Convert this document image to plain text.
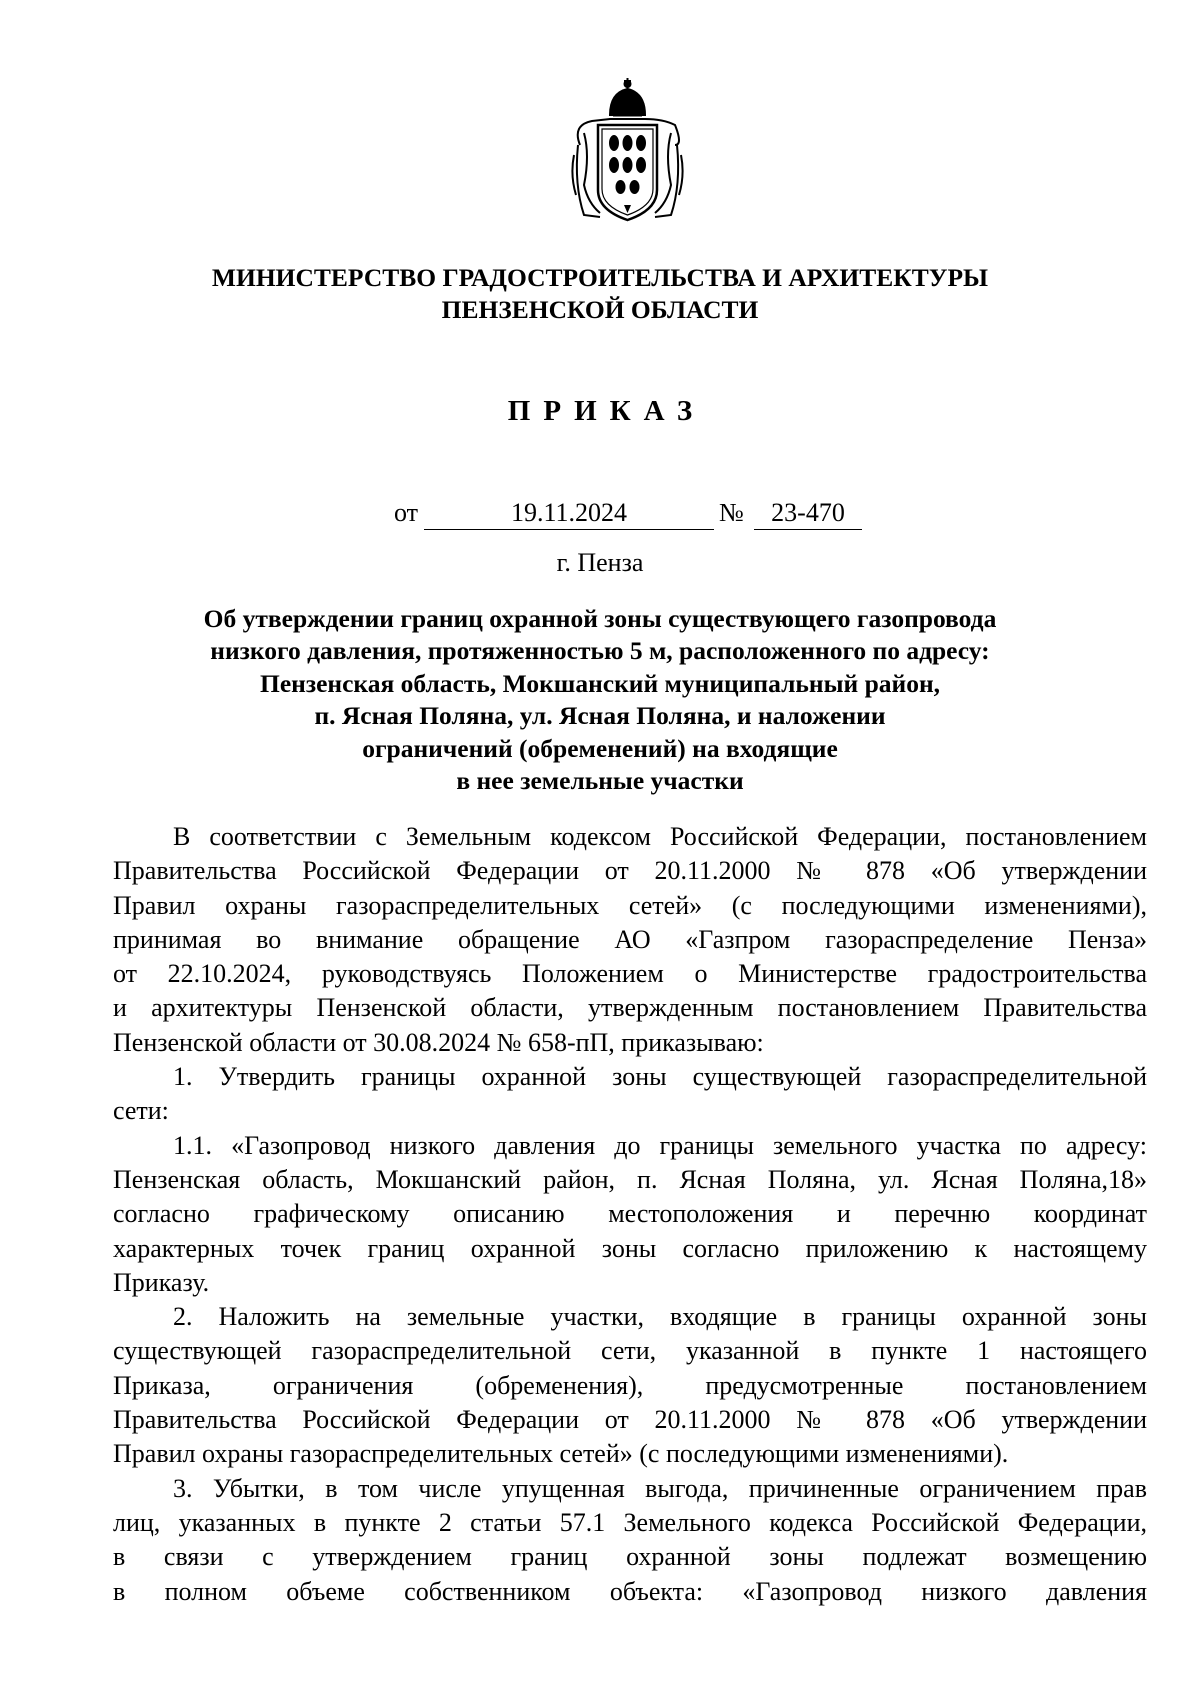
МИНИСТЕРСТВО ГРАДОСТРОИТЕЛЬСТВА И АРХИТЕКТУРЫ
ПЕНЗЕНСКОЙ ОБЛАСТИ
ПРИКАЗ
от	19.11.2024	№	23-470
г. Пенза
Об утверждении границ охранной зоны существующего газопровода
низкого давления, протяженностью 5 м, расположенного по адресу:
Пензенская область, Мокшанский муниципальный район,
п. Ясная Поляна, ул. Ясная Поляна, и наложении
ограничений (обременений) на входящие
в нее земельные участки
В соответствии с Земельным кодексом Российской Федерации, постановлением
Правительства Российской Федерации от 20.11.2000 № 878 «Об утверждении
Правил охраны газораспределительных сетей» (с последующими изменениями),
принимая во внимание обращение АО «Газпром газораспределение Пенза»
от 22.10.2024, руководствуясь Положением о Министерстве градостроительства
и архитектуры Пензенской области, утвержденным постановлением Правительства
Пензенской области от 30.08.2024 № 658-пП, приказываю:
1. Утвердить границы охранной зоны существующей газораспределительной
сети:
1.1. «Газопровод низкого давления до границы земельного участка по адресу:
Пензенская область, Мокшанский район, п. Ясная Поляна, ул. Ясная Поляна,18»
согласно графическому описанию местоположения и перечню координат
характерных точек границ охранной зоны согласно приложению к настоящему
Приказу.
2. Наложить на земельные участки, входящие в границы охранной зоны
существующей газораспределительной сети, указанной в пункте 1 настоящего
Приказа, ограничения (обременения), предусмотренные постановлением
Правительства Российской Федерации от 20.11.2000 № 878 «Об утверждении
Правил охраны газораспределительных сетей» (с последующими изменениями).
3. Убытки, в том числе упущенная выгода, причиненные ограничением прав
лиц, указанных в пункте 2 статьи 57.1 Земельного кодекса Российской Федерации,
в связи с утверждением границ охранной зоны подлежат возмещению
в полном объеме собственником объекта: «Газопровод низкого давления
